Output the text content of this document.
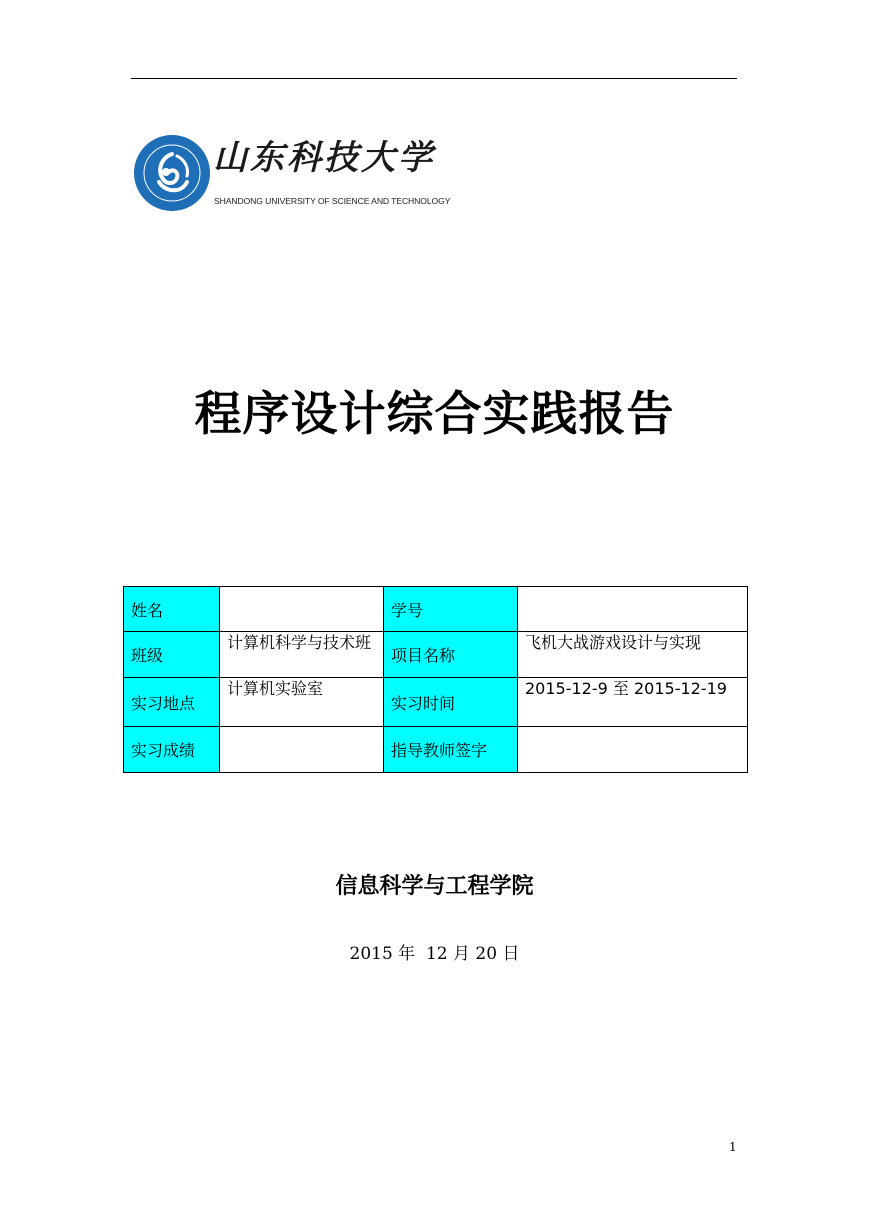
山东科技大学
SHANDONG UNIVERSITY OF SCIENCE AND TECHNOLOGY
程序设计综合实践报告
姓名		学号	
班级	计算机科学与技术班	项目名称	飞机大战游戏设计与实现
实习地点	计算机实验室	实习时间	2015-12-9 至 2015-12-19
实习成绩		指导教师签字	
信息科学与工程学院
2015 年  12 月 20 日
1
